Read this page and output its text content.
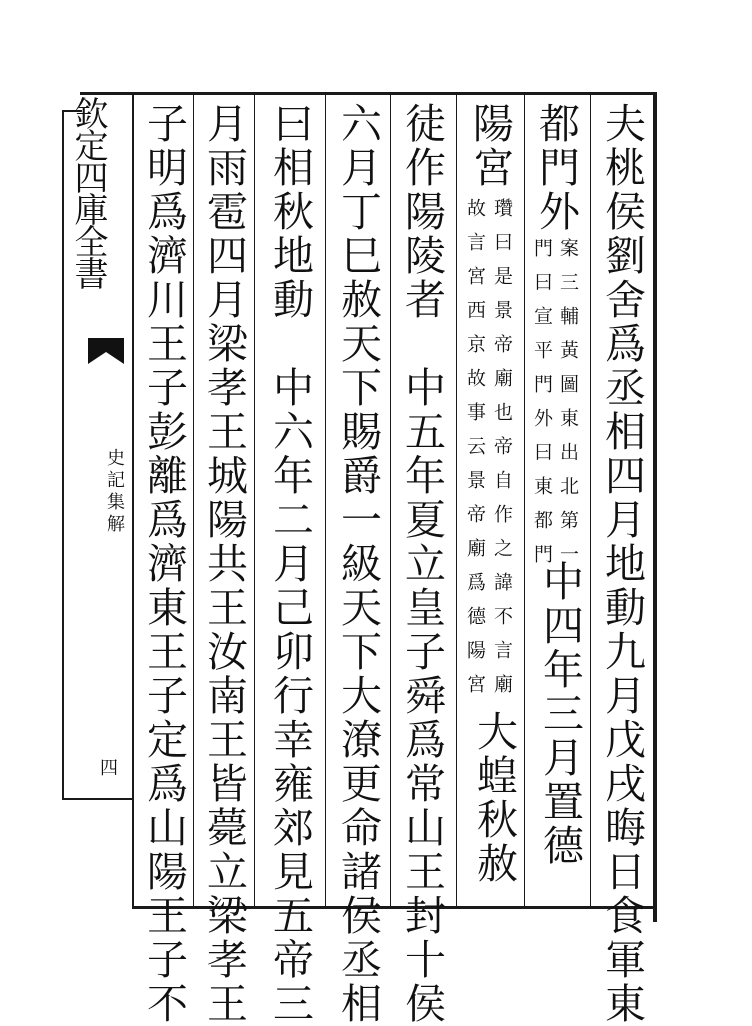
欽定四庫全書
史記集解
四	夫桃侯劉舍爲丞相四月地動九月戊戌晦日食軍東
都門外
案三輔黃圖東出北第一
門曰宣平門外曰東都門
中四年三月置德
陽宮
瓚曰是景帝廟也帝自作之諱不言廟
故言宮西京故事云景帝廟爲德陽宮
大蝗秋赦
徒作陽陵者　中五年夏立皇子舜爲常山王封十侯
六月丁巳赦天下賜爵一級天下大潦更命諸侯丞相
曰相秋地動　中六年二月己卯行幸雍郊見五帝三
月雨雹四月梁孝王城陽共王汝南王皆薨立梁孝王
子明爲濟川王子彭離爲濟東王子定爲山陽王子不
